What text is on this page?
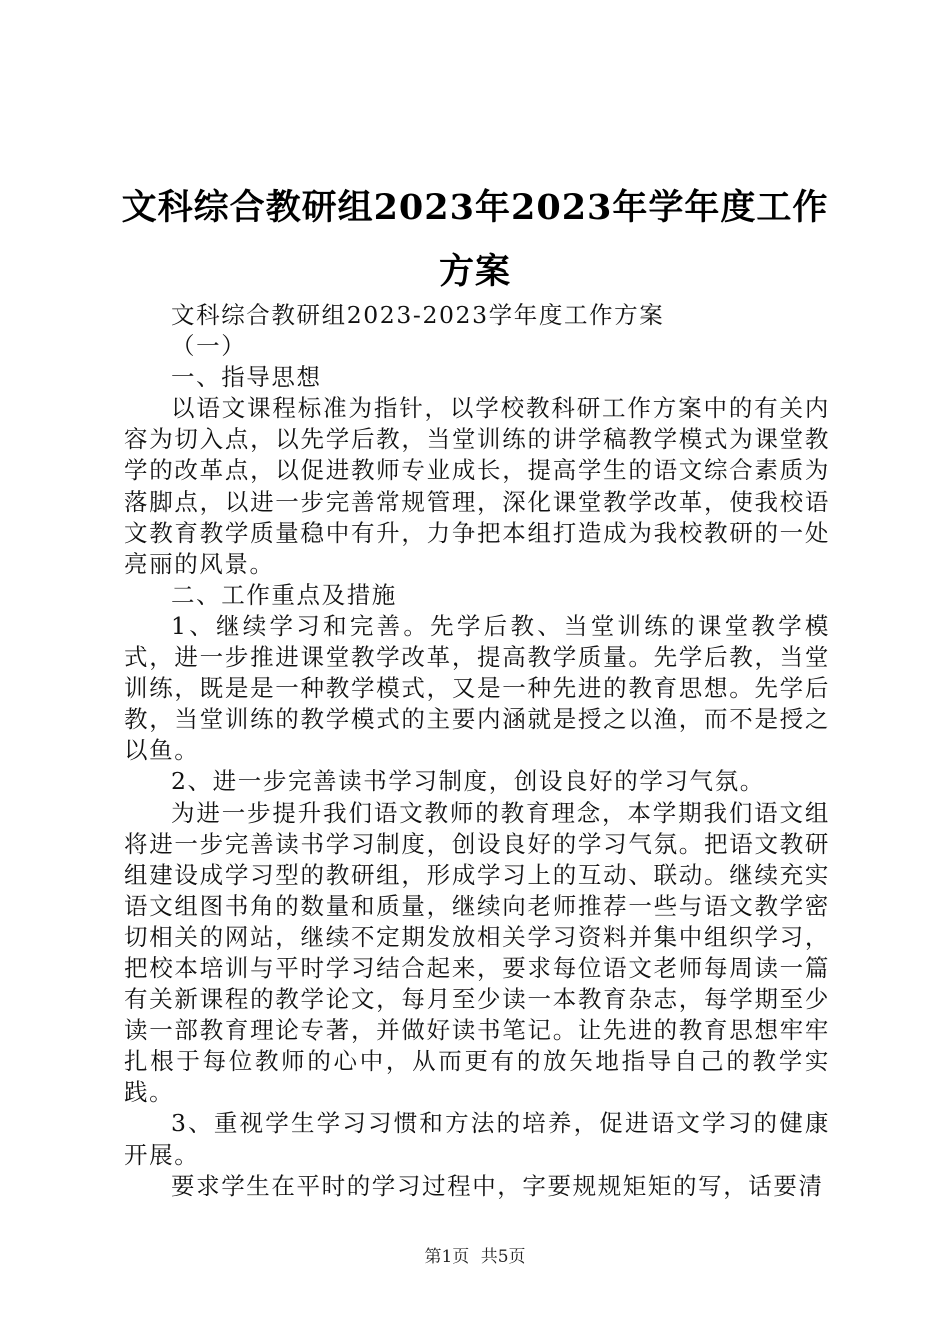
文科综合教研组2023年2023年学年度工作方案

文科综合教研组2023-2023学年度工作方案

（一）

一、指导思想

以语文课程标准为指针，以学校教科研工作方案中的有关内容为切入点，以先学后教，当堂训练的讲学稿教学模式为课堂教学的改革点，以促进教师专业成长，提高学生的语文综合素质为落脚点，以进一步完善常规管理，深化课堂教学改革，使我校语文教育教学质量稳中有升，力争把本组打造成为我校教研的一处亮丽的风景。

二、工作重点及措施

1、继续学习和完善。先学后教、当堂训练的课堂教学模式，进一步推进课堂教学改革，提高教学质量。先学后教，当堂训练，既是是一种教学模式，又是一种先进的教育思想。先学后教，当堂训练的教学模式的主要内涵就是授之以渔，而不是授之以鱼。

2、进一步完善读书学习制度，创设良好的学习气氛。

为进一步提升我们语文教师的教育理念，本学期我们语文组将进一步完善读书学习制度，创设良好的学习气氛。把语文教研组建设成学习型的教研组，形成学习上的互动、联动。继续充实语文组图书角的数量和质量，继续向老师推荐一些与语文教学密切相关的网站，继续不定期发放相关学习资料并集中组织学习，把校本培训与平时学习结合起来，要求每位语文老师每周读一篇有关新课程的教学论文，每月至少读一本教育杂志，每学期至少读一部教育理论专著，并做好读书笔记。让先进的教育思想牢牢扎根于每位教师的心中，从而更有的放矢地指导自己的教学实践。

3、重视学生学习习惯和方法的培养，促进语文学习的健康开展。

要求学生在平时的学习过程中，字要规规矩矩的写，话要清

第1页 共5页
